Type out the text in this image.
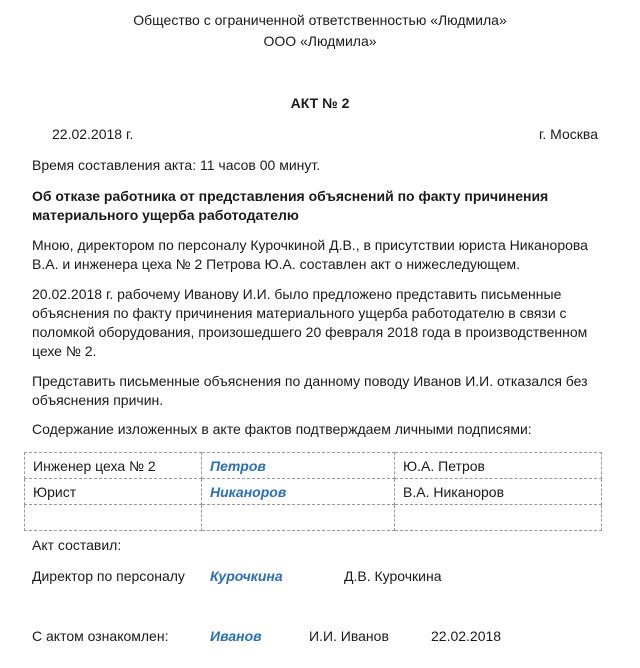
Общество с ограниченной ответственностью «Людмила»
ООО «Людмила»
АКТ № 2
22.02.2018 г.	г. Москва
Время составления акта: 11 часов 00 минут.
Об отказе работника от представления объяснений по факту причинения материального ущерба работодателю
Мною, директором по персоналу Курочкиной Д.В., в присутствии юриста Никанорова В.А. и инженера цеха № 2 Петрова Ю.А. составлен акт о нижеследующем.
20.02.2018 г. рабочему Иванову И.И. было предложено представить письменные объяснения по факту причинения материального ущерба работодателю в связи с поломкой оборудования, произошедшего 20 февраля 2018 года в производственном цехе № 2.
Представить письменные объяснения по данному поводу Иванов И.И. отказался без объяснения причин.
Содержание изложенных в акте фактов подтверждаем личными подписями:
Инженер цеха № 2	Петров	Ю.А. Петров
Юрист	Никаноров	В.А. Никаноров

Акт составил:
Директор по персоналу Курочкина	Д.В. Курочкина
С актом ознакомлен:	Иванов	И.И. Иванов	22.02.2018
